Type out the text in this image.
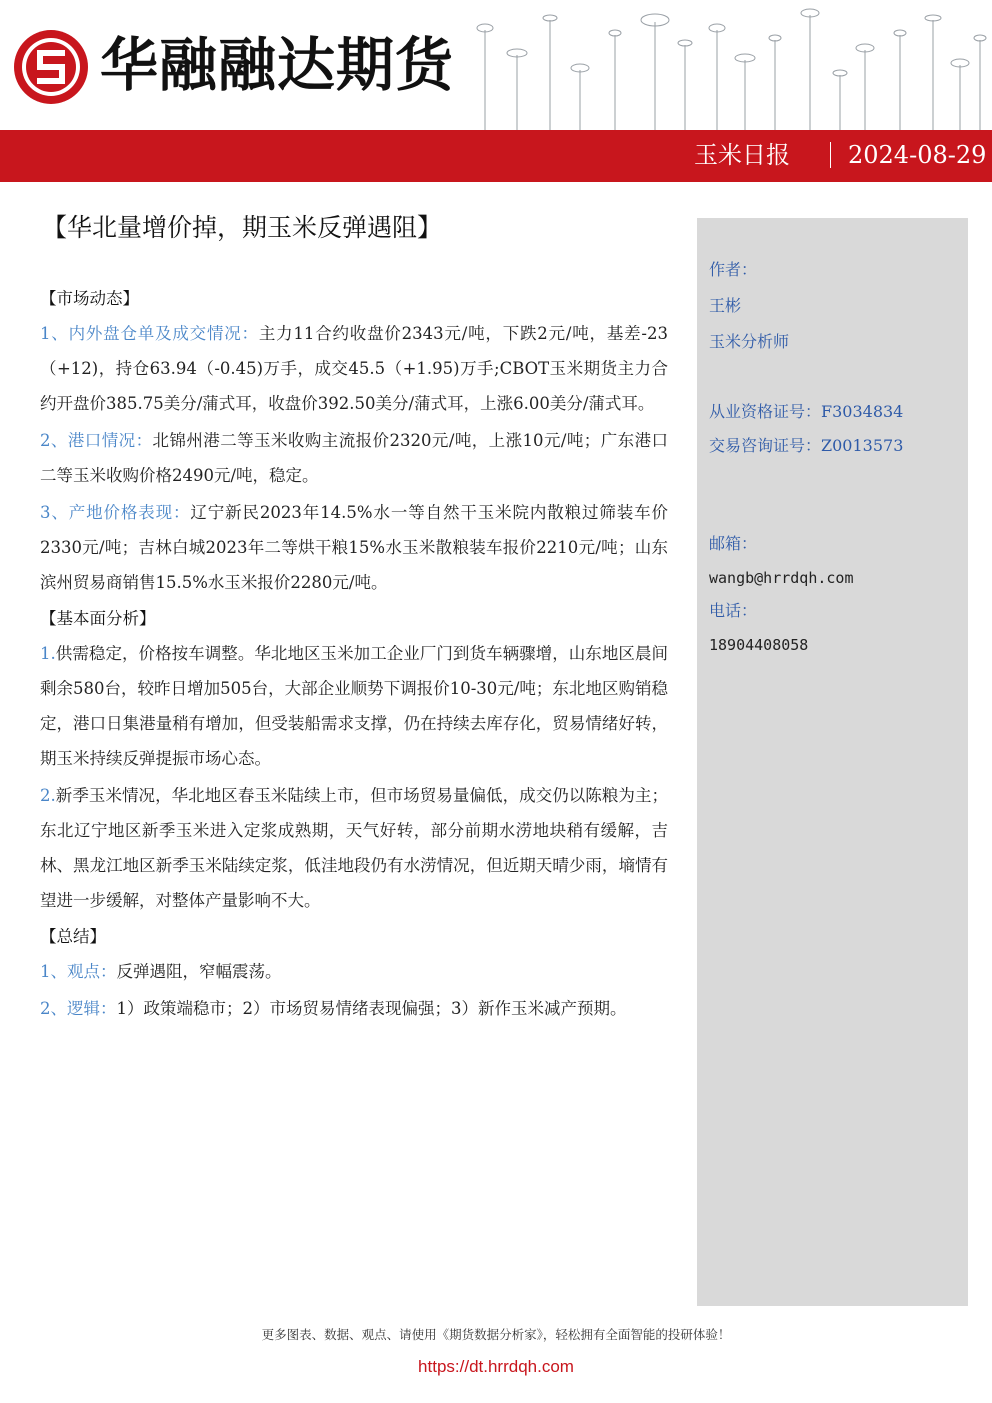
华融融达期货
玉米日报 2024-08-29
【华北量增价掉，期玉米反弹遇阻】
【市场动态】

1、内外盘仓单及成交情况：主力11合约收盘价2343元/吨，下跌2元/吨，基差-23（+12)，持仓63.94（-0.45)万手，成交45.5（+1.95)万手;CBOT玉米期货主力合约开盘价385.75美分/蒲式耳，收盘价392.50美分/蒲式耳，上涨6.00美分/蒲式耳。

2、港口情况：北锦州港二等玉米收购主流报价2320元/吨，上涨10元/吨；广东港口二等玉米收购价格2490元/吨，稳定。

3、产地价格表现：辽宁新民2023年14.5%水一等自然干玉米院内散粮过筛装车价2330元/吨；吉林白城2023年二等烘干粮15%水玉米散粮装车报价2210元/吨；山东滨州贸易商销售15.5%水玉米报价2280元/吨。

【基本面分析】

1.供需稳定，价格按车调整。华北地区玉米加工企业厂门到货车辆骤增，山东地区晨间剩余580台，较昨日增加505台，大部企业顺势下调报价10-30元/吨；东北地区购销稳定，港口日集港量稍有增加，但受装船需求支撑，仍在持续去库存化，贸易情绪好转，期玉米持续反弹提振市场心态。

2.新季玉米情况，华北地区春玉米陆续上市，但市场贸易量偏低，成交仍以陈粮为主；东北辽宁地区新季玉米进入定浆成熟期，天气好转，部分前期水涝地块稍有缓解，吉林、黑龙江地区新季玉米陆续定浆，低洼地段仍有水涝情况，但近期天晴少雨，墒情有望进一步缓解，对整体产量影响不大。

【总结】

1、观点：反弹遇阻，窄幅震荡。

2、逻辑：1）政策端稳市；2）市场贸易情绪表现偏强；3）新作玉米减产预期。

作者：
王彬
玉米分析师
从业资格证号：F3034834
交易咨询证号：Z0013573
邮箱：
wangb@hrrdqh.com
电话：
18904408058
更多图表、数据、观点、请使用《期货数据分析家》，轻松拥有全面智能的投研体验！
https://dt.hrrdqh.com
